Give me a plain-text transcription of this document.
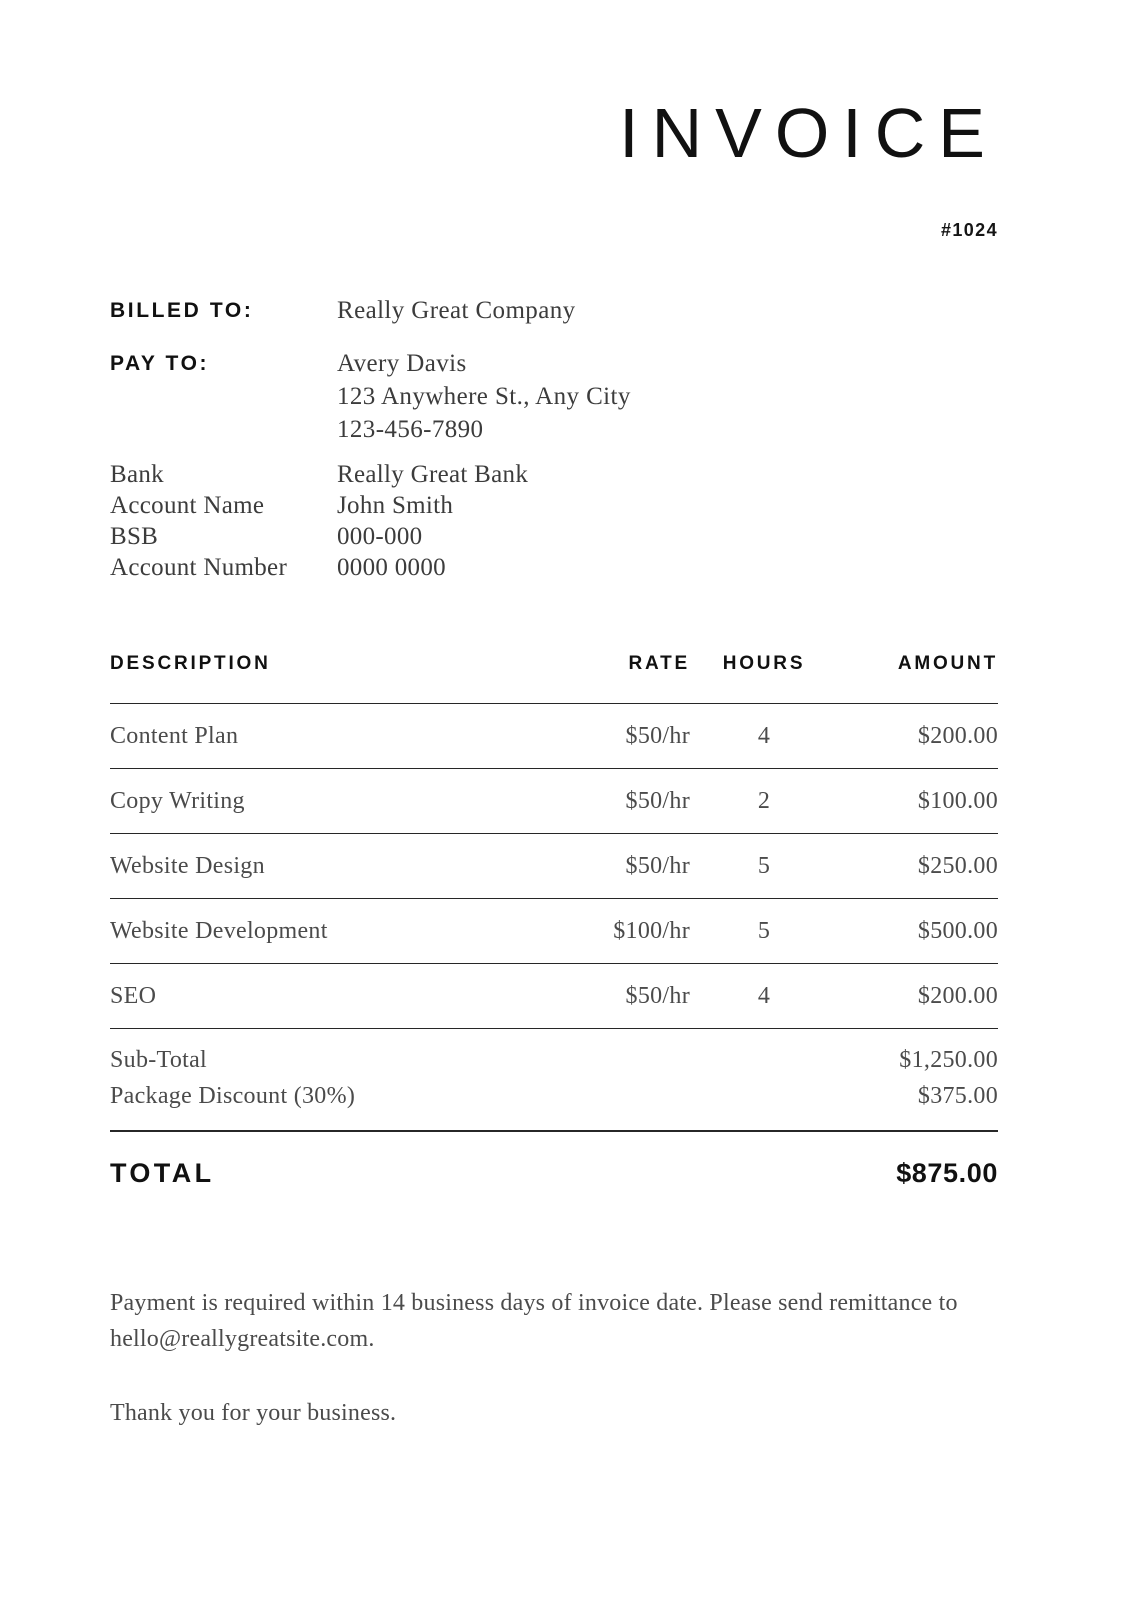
INVOICE
#1024
BILLED TO:	Really Great Company
PAY TO:	Avery Davis
123 Anywhere St., Any City
123-456-7890
Bank	Really Great Bank
Account Name	John Smith
BSB	000-000
Account Number	0000 0000
DESCRIPTION	RATE	HOURS	AMOUNT
Content Plan	$50/hr	4	$200.00
Copy Writing	$50/hr	2	$100.00
Website Design	$50/hr	5	$250.00
Website Development	$100/hr	5	$500.00
SEO	$50/hr	4	$200.00
Sub-Total	$1,250.00
Package Discount (30%)	$375.00
TOTAL	$875.00

Payment is required within 14 business days of invoice date. Please send remittance to hello@reallygreatsite.com.

Thank you for your business.
